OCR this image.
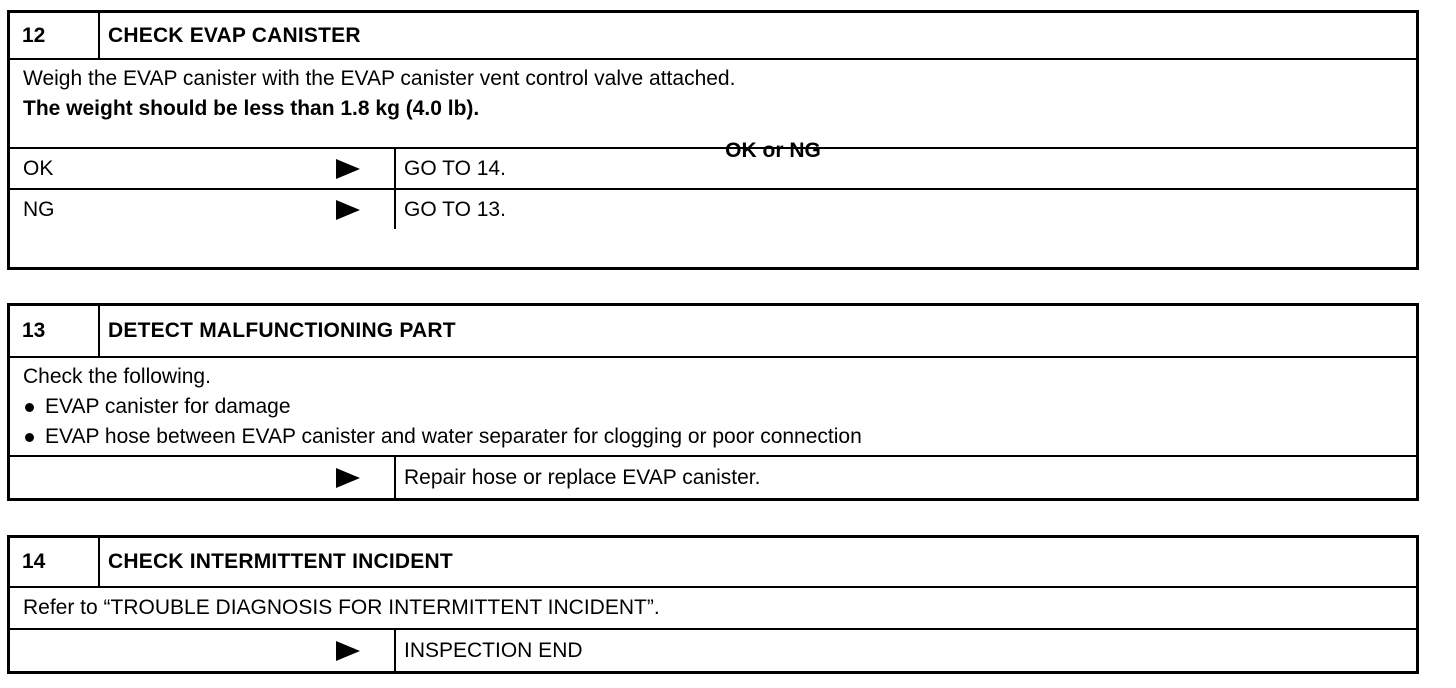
12	CHECK EVAP CANISTER
Weigh the EVAP canister with the EVAP canister vent control valve attached.
The weight should be less than 1.8 kg (4.0 lb).
OK or NG
OK	GO TO 14.
NG	GO TO 13.
13	DETECT MALFUNCTIONING PART
Check the following.
EVAP canister for damage
EVAP hose between EVAP canister and water separater for clogging or poor connection
Repair hose or replace EVAP canister.
14	CHECK INTERMITTENT INCIDENT
Refer to “TROUBLE DIAGNOSIS FOR INTERMITTENT INCIDENT”.
INSPECTION END
